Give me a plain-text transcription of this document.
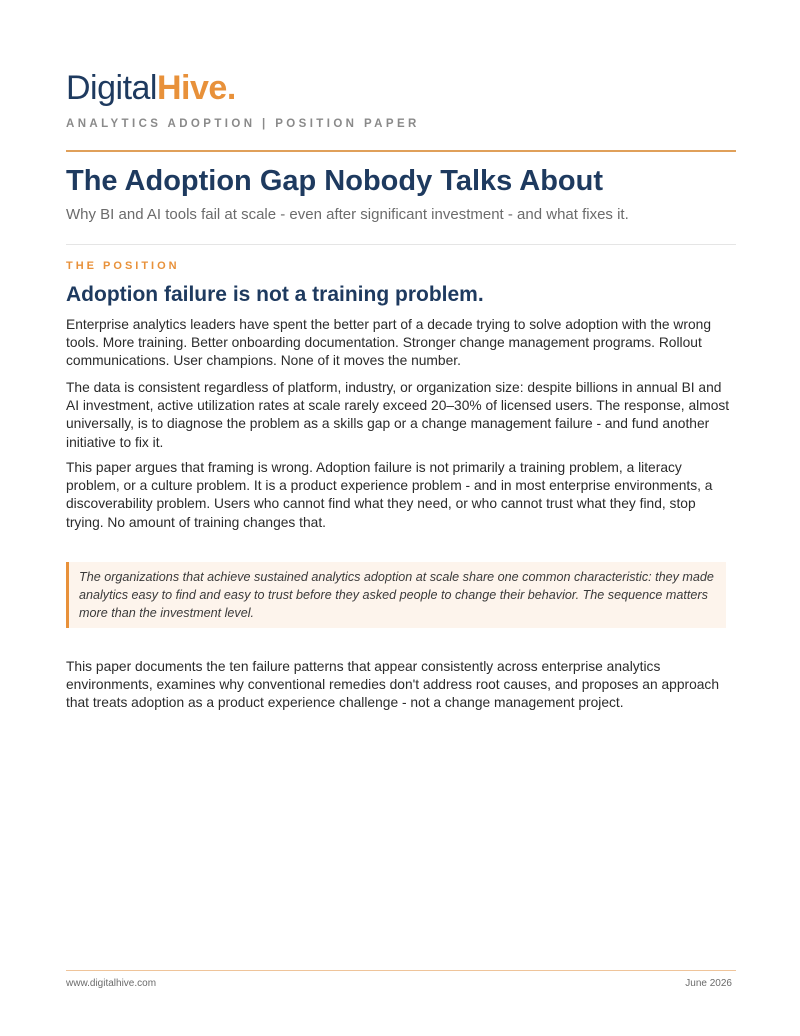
DigitalHive.
ANALYTICS ADOPTION | POSITION PAPER
The Adoption Gap Nobody Talks About

Why BI and AI tools fail at scale - even after significant investment - and what fixes it.

THE POSITION
Adoption failure is not a training problem.

Enterprise analytics leaders have spent the better part of a decade trying to solve adoption with the wrong tools. More training. Better onboarding documentation. Stronger change management programs. Rollout communications. User champions. None of it moves the number.

The data is consistent regardless of platform, industry, or organization size: despite billions in annual BI and AI investment, active utilization rates at scale rarely exceed 20–30% of licensed users. The response, almost universally, is to diagnose the problem as a skills gap or a change management failure - and fund another initiative to fix it.

This paper argues that framing is wrong. Adoption failure is not primarily a training problem, a literacy problem, or a culture problem. It is a product experience problem - and in most enterprise environments, a discoverability problem. Users who cannot find what they need, or who cannot trust what they find, stop trying. No amount of training changes that.

The organizations that achieve sustained analytics adoption at scale share one common characteristic: they made analytics easy to find and easy to trust before they asked people to change their behavior. The sequence matters more than the investment level.

This paper documents the ten failure patterns that appear consistently across enterprise analytics environments, examines why conventional remedies don't address root causes, and proposes an approach that treats adoption as a product experience challenge - not a change management project.

www.digitalhive.com	June 2026
